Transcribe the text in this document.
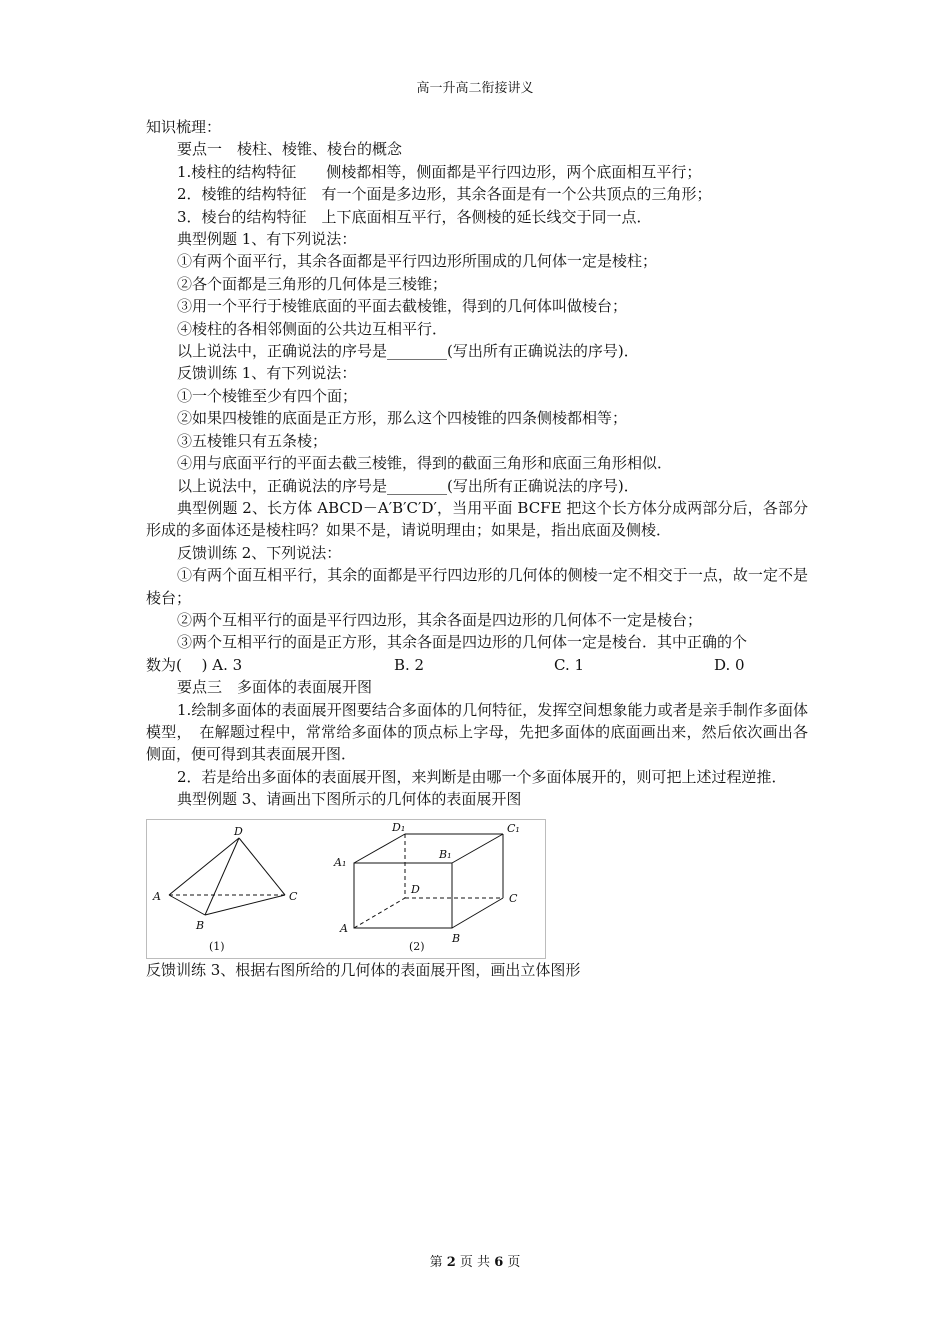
高一升高二衔接讲义
知识梳理：
要点一　棱柱、棱锥、棱台的概念
1.棱柱的结构特征　　侧棱都相等，侧面都是平行四边形，两个底面相互平行；
2．棱锥的结构特征　有一个面是多边形，其余各面是有一个公共顶点的三角形；
3．棱台的结构特征　上下底面相互平行，各侧棱的延长线交于同一点．
典型例题 1、有下列说法：
①有两个面平行，其余各面都是平行四边形所围成的几何体一定是棱柱；
②各个面都是三角形的几何体是三棱锥；
③用一个平行于棱锥底面的平面去截棱锥，得到的几何体叫做棱台；
④棱柱的各相邻侧面的公共边互相平行．
以上说法中，正确说法的序号是________(写出所有正确说法的序号)．
反馈训练 1、有下列说法：
①一个棱锥至少有四个面；
②如果四棱锥的底面是正方形，那么这个四棱锥的四条侧棱都相等；
③五棱锥只有五条棱；
④用与底面平行的平面去截三棱锥，得到的截面三角形和底面三角形相似．
以上说法中，正确说法的序号是________(写出所有正确说法的序号)．
典型例题 2、长方体 ABCD－A′B′C′D′，当用平面 BCFE 把这个长方体分成两部分后，各部分形成的多面体还是棱柱吗？如果不是，请说明理由；如果是，指出底面及侧棱．
反馈训练 2、下列说法：
①有两个面互相平行，其余的面都是平行四边形的几何体的侧棱一定不相交于一点，故一定不是棱台；
②两个互相平行的面是平行四边形，其余各面是四边形的几何体不一定是棱台；
③两个互相平行的面是正方形，其余各面是四边形的几何体一定是棱台．其中正确的个
数为(　 ) A. 3	B. 2	C. 1	D. 0
要点三　多面体的表面展开图
1.绘制多面体的表面展开图要结合多面体的几何特征，发挥空间想象能力或者是亲手制作多面体模型，　在解题过程中，常常给多面体的顶点标上字母，先把多面体的底面画出来，然后依次画出各侧面，便可得到其表面展开图．
2．若是给出多面体的表面展开图，来判断是由哪一个多面体展开的，则可把上述过程逆推．
典型例题 3、请画出下图所示的几何体的表面展开图
D
A
B
C
(1)
D₁	C₁
A₁
B₁
D
C
A
B
(2)
反馈训练 3、根据右图所给的几何体的表面展开图，画出立体图形
第 2 页 共 6 页
